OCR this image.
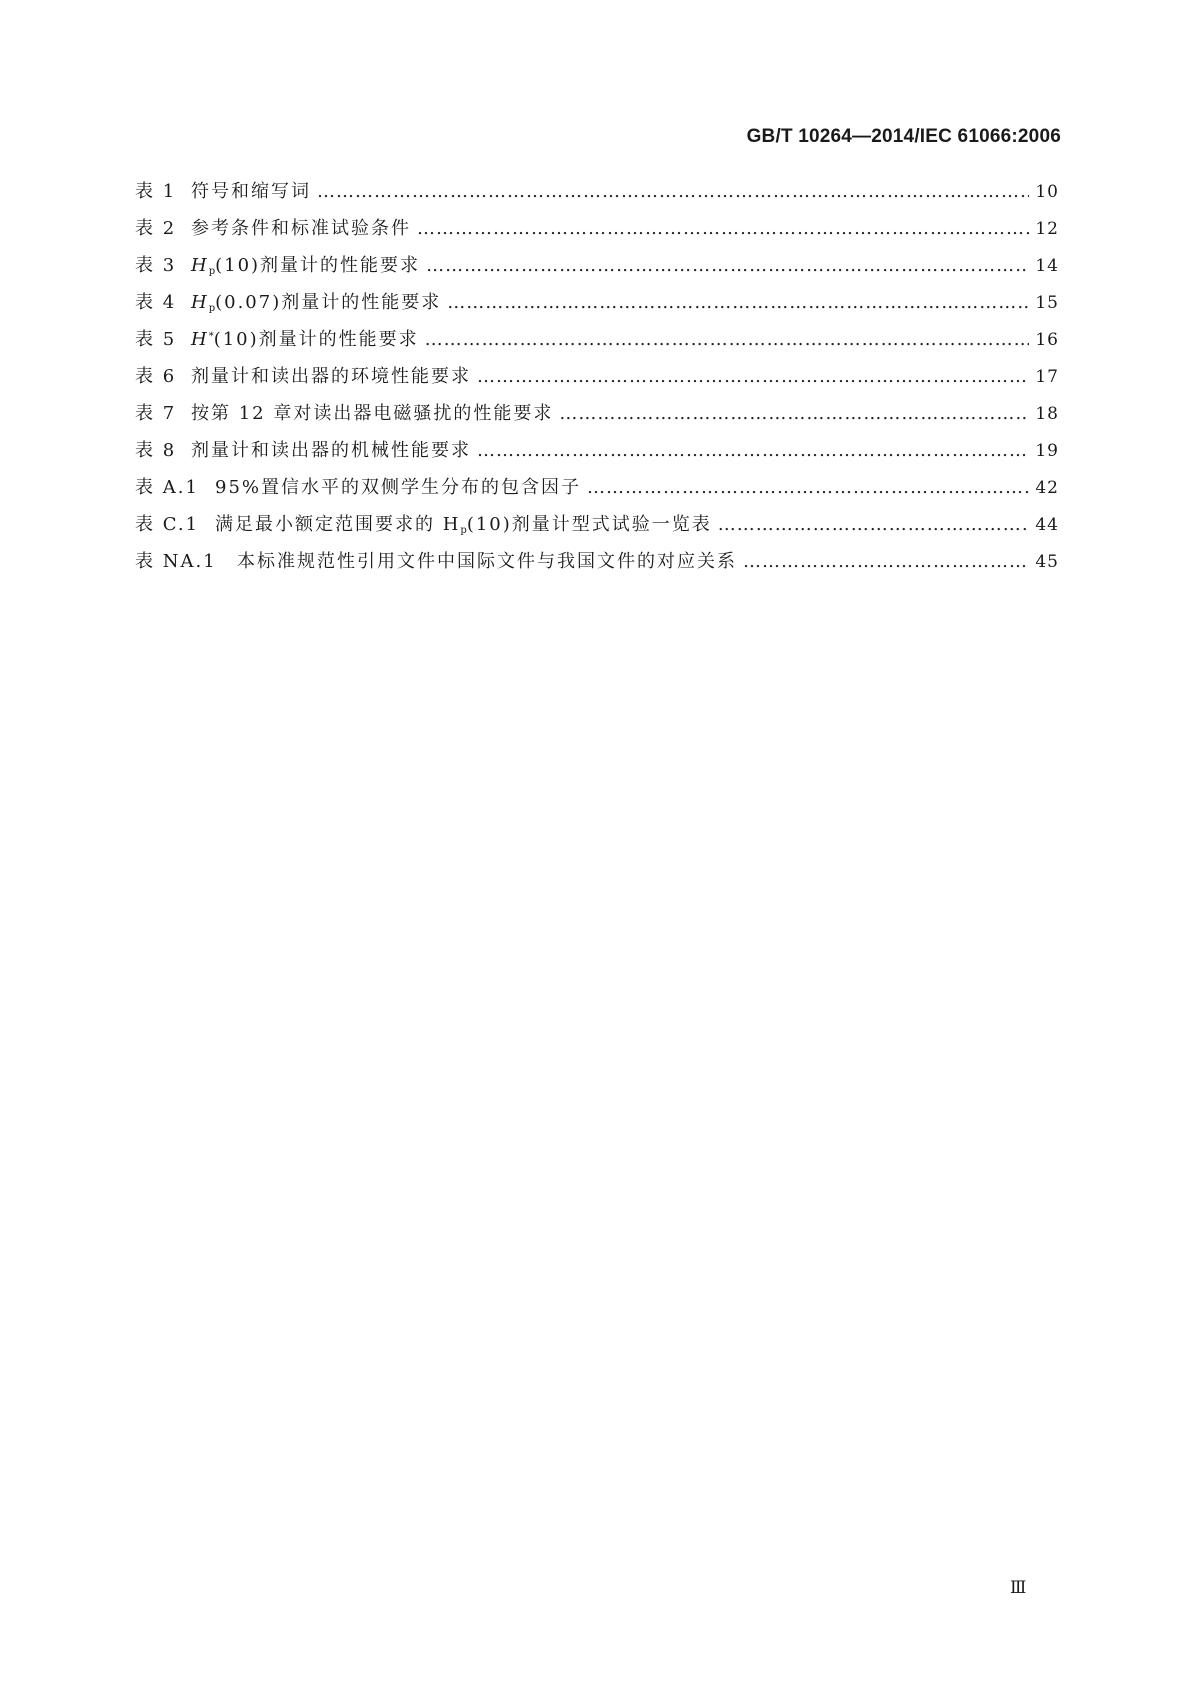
GB/T 10264—2014/IEC 61066:2006
表 1 符号和缩写词 ……………………………………………………………………………………………………………………………………………………	10
表 2 参考条件和标准试验条件 ……………………………………………………………………………………………………………………………………………………	12
表 3 $H_p(10)$剂量计的性能要求 ……………………………………………………………………………………………………………………………………………………	14
表 4 $H_p(0.07)$剂量计的性能要求 ……………………………………………………………………………………………………………………………………………………	15
表 5 H*(10)剂量计的性能要求 ……………………………………………………………………………………………………………………………………………………	16
表 6 剂量计和读出器的环境性能要求 ……………………………………………………………………………………………………………………………………………………	17
表 7 按第 12 章对读出器电磁骚扰的性能要求 ……………………………………………………………………………………………………………………………………………………	18
表 8 剂量计和读出器的机械性能要求 ……………………………………………………………………………………………………………………………………………………	19
表 A.1 95%置信水平的双侧学生分布的包含因子 ……………………………………………………………………………………………………………………………………………………	42
表 C.1 满足最小额定范围要求的 $H_p(10)$剂量计型式试验一览表 ……………………………………………………………………………………………………………………………………………………	44
表 NA.1	本标准规范性引用文件中国际文件与我国文件的对应关系 ……………………………………………………………………………………………………………………………………………………	45
Ⅲ
